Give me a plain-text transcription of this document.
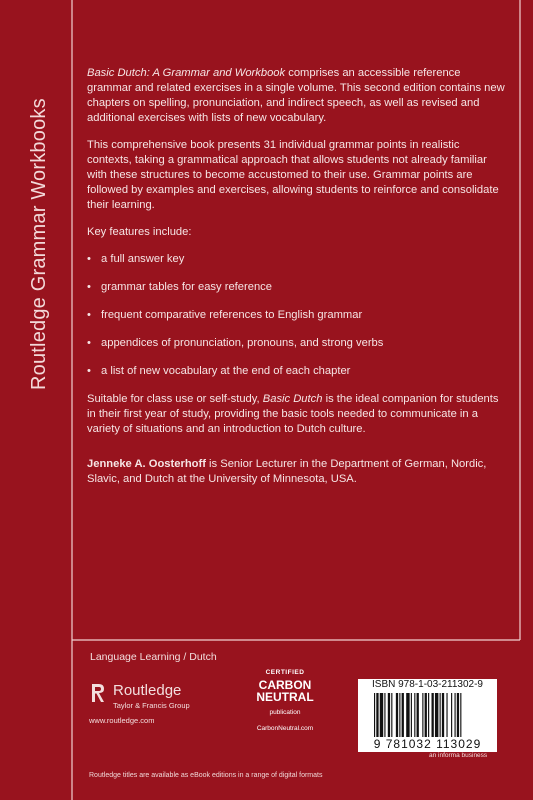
Routledge Grammar Workbooks

Basic Dutch: A Grammar and Workbook comprises an accessible reference grammar and related exercises in a single volume. This second edition contains new chapters on spelling, pronunciation, and indirect speech, as well as revised and additional exercises with lists of new vocabulary.

This comprehensive book presents 31 individual grammar points in realistic contexts, taking a grammatical approach that allows students not already familiar with these structures to become accustomed to their use. Grammar points are followed by examples and exercises, allowing students to reinforce and consolidate their learning.

Key features include:

• a full answer key
• grammar tables for easy reference
• frequent comparative references to English grammar
• appendices of pronunciation, pronouns, and strong verbs
• a list of new vocabulary at the end of each chapter

Suitable for class use or self-study, Basic Dutch is the ideal companion for students in their first year of study, providing the basic tools needed to communicate in a variety of situations and an introduction to Dutch culture.

Jenneke A. Oosterhoff is Senior Lecturer in the Department of German, Nordic, Slavic, and Dutch at the University of Minnesota, USA.

Language Learning / Dutch
Routledge
Taylor & Francis Group
www.routledge.com
CERTIFIED
CARBON
NEUTRAL
publication
CarbonNeutral.com
ISBN 978-1-03-211302-9
9 781032 113029
an informa business
Routledge titles are available as eBook editions in a range of digital formats
